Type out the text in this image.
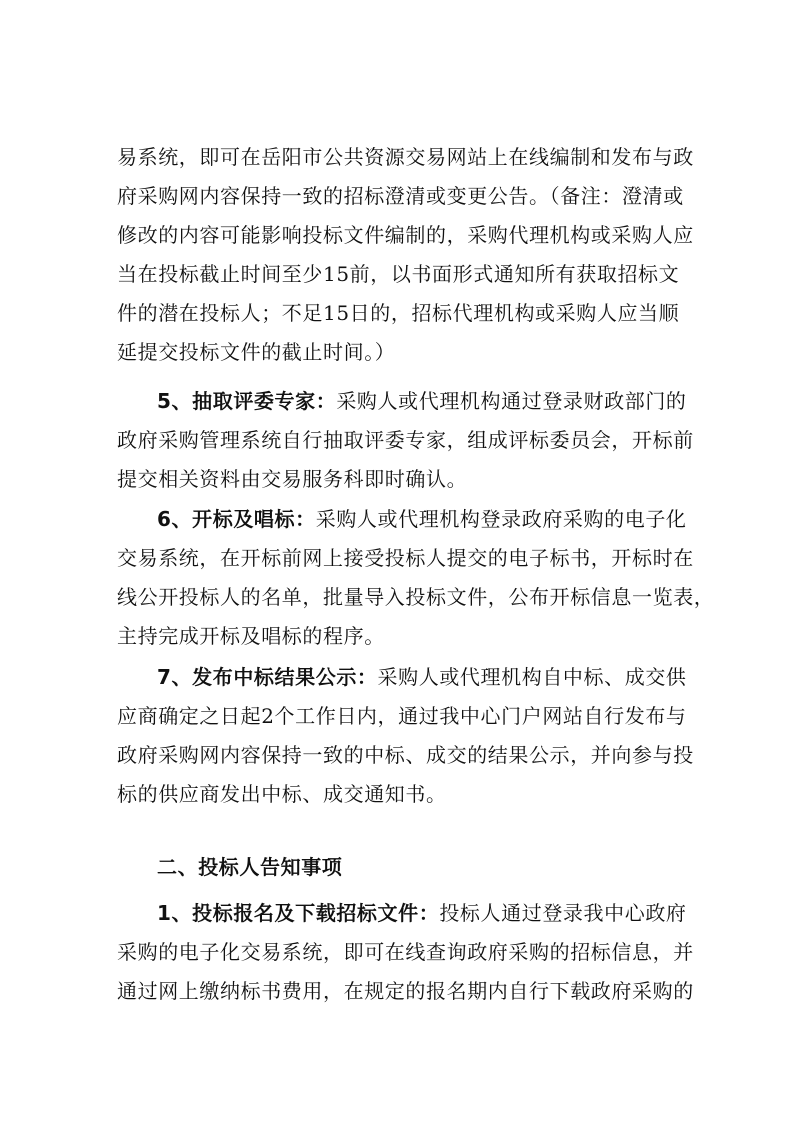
易系统，即可在岳阳市公共资源交易网站上在线编制和发布与政
府采购网内容保持一致的招标澄清或变更公告。（备注：澄清或
修改的内容可能影响投标文件编制的，采购代理机构或采购人应
当在投标截止时间至少15前，以书面形式通知所有获取招标文
件的潜在投标人；不足15日的，招标代理机构或采购人应当顺
延提交投标文件的截止时间。）
5、抽取评委专家：采购人或代理机构通过登录财政部门的
政府采购管理系统自行抽取评委专家，组成评标委员会，开标前
提交相关资料由交易服务科即时确认。
6、开标及唱标：采购人或代理机构登录政府采购的电子化
交易系统，在开标前网上接受投标人提交的电子标书，开标时在
线公开投标人的名单，批量导入投标文件，公布开标信息一览表，
主持完成开标及唱标的程序。
7、发布中标结果公示：采购人或代理机构自中标、成交供
应商确定之日起2个工作日内，通过我中心门户网站自行发布与
政府采购网内容保持一致的中标、成交的结果公示，并向参与投
标的供应商发出中标、成交通知书。
二、投标人告知事项
1、投标报名及下载招标文件：投标人通过登录我中心政府
采购的电子化交易系统，即可在线查询政府采购的招标信息，并
通过网上缴纳标书费用，在规定的报名期内自行下载政府采购的
